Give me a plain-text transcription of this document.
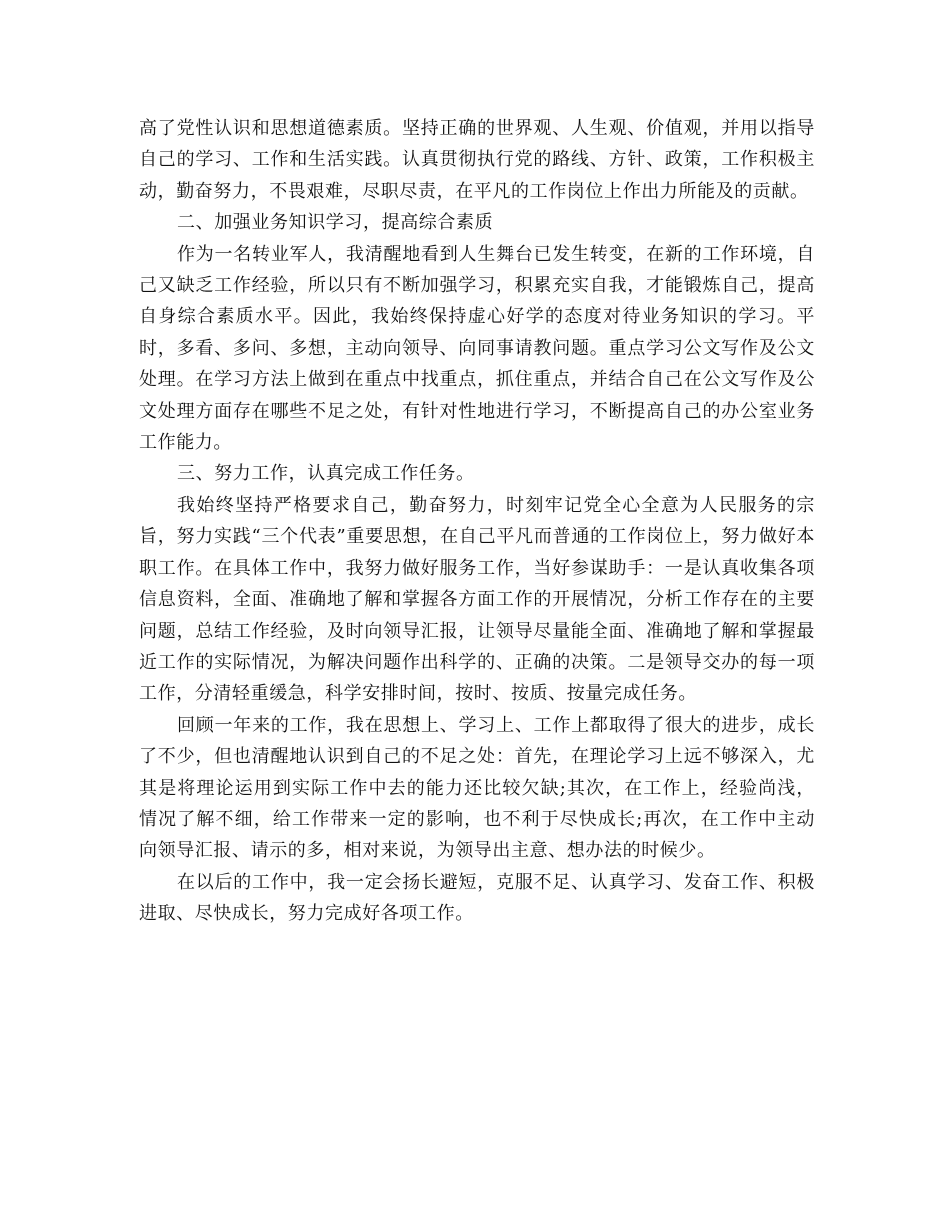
高了党性认识和思想道德素质。坚持正确的世界观、人生观、价值观，并用以指导自己的学习、工作和生活实践。认真贯彻执行党的路线、方针、政策，工作积极主动，勤奋努力，不畏艰难，尽职尽责，在平凡的工作岗位上作出力所能及的贡献。

二、加强业务知识学习，提高综合素质

作为一名转业军人，我清醒地看到人生舞台已发生转变，在新的工作环境，自己又缺乏工作经验，所以只有不断加强学习，积累充实自我，才能锻炼自己，提高自身综合素质水平。因此，我始终保持虚心好学的态度对待业务知识的学习。平时，多看、多问、多想，主动向领导、向同事请教问题。重点学习公文写作及公文处理。在学习方法上做到在重点中找重点，抓住重点，并结合自己在公文写作及公文处理方面存在哪些不足之处，有针对性地进行学习，不断提高自己的办公室业务工作能力。

三、努力工作，认真完成工作任务。

我始终坚持严格要求自己，勤奋努力，时刻牢记党全心全意为人民服务的宗旨，努力实践“三个代表”重要思想，在自己平凡而普通的工作岗位上，努力做好本职工作。在具体工作中，我努力做好服务工作，当好参谋助手：一是认真收集各项信息资料，全面、准确地了解和掌握各方面工作的开展情况，分析工作存在的主要问题，总结工作经验，及时向领导汇报，让领导尽量能全面、准确地了解和掌握最近工作的实际情况，为解决问题作出科学的、正确的决策。二是领导交办的每一项工作，分清轻重缓急，科学安排时间，按时、按质、按量完成任务。

回顾一年来的工作，我在思想上、学习上、工作上都取得了很大的进步，成长了不少，但也清醒地认识到自己的不足之处：首先，在理论学习上远不够深入，尤其是将理论运用到实际工作中去的能力还比较欠缺;其次，在工作上，经验尚浅，情况了解不细，给工作带来一定的影响，也不利于尽快成长;再次，在工作中主动向领导汇报、请示的多，相对来说，为领导出主意、想办法的时候少。

在以后的工作中，我一定会扬长避短，克服不足、认真学习、发奋工作、积极进取、尽快成长，努力完成好各项工作。
